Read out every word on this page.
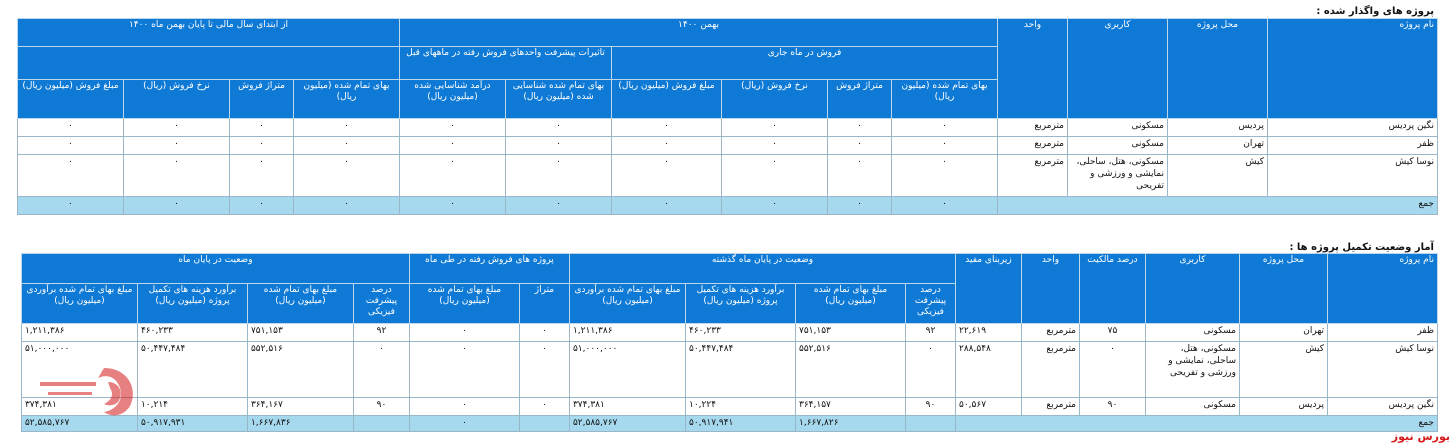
پروژه های واگذار شده :
نام پروژه	محل پروژه	کاربری	واحد	بهمن ۱۴۰۰						از ابتدای سال مالی تا پایان بهمن ماه ۱۴۰۰			
				فروش در ماه جاری				تاثیرات پیشرفت واحدهای فروش رفته در ماههای قبل					
				بهای تمام شده (میلیون ریال)	متراژ فروش	نرخ فروش (ریال)	مبلغ فروش (میلیون ریال)	بهای تمام شده شناسایی شده (میلیون ریال)	درآمد شناسایی شده (میلیون ریال)	بهای تمام شده (میلیون ریال)	متراژ فروش	نرخ فروش (ریال)	مبلغ فروش (میلیون ریال)
نگین پردیس	پردیس	مسکونی	مترمربع	۰	۰	۰	۰	۰	۰	۰	۰	۰	۰
ظفر	تهران	مسکونی	مترمربع	۰	۰	۰	۰	۰	۰	۰	۰	۰	۰
نوسا کیش	کیش	مسکونی، هتل، ساحلی، نمایشی و ورزشی و تفریحی	مترمربع	۰	۰	۰	۰	۰	۰	۰	۰	۰	۰
جمع				۰	۰	۰	۰	۰	۰	۰	۰	۰	۰
آمار وضعیت تکمیل پروژه ها :
نام پروژه	محل پروژه	کاربری	درصد مالکیت	واحد	زیربنای مفید	وضعیت در پایان ماه گذشته				پروژه های فروش رفته در طی ماه		وضعیت در پایان ماه			
						درصد پیشرفت فیزیکی	مبلغ بهای تمام شده (میلیون ریال)	برآورد هزینه های تکمیل پروژه (میلیون ریال)	مبلغ بهای تمام شده برآوردی (میلیون ریال)	متراژ	مبلغ بهای تمام شده (میلیون ریال)	درصد پیشرفت فیزیکی	مبلغ بهای تمام شده (میلیون ریال)	برآورد هزینه های تکمیل پروژه (میلیون ریال)	مبلغ بهای تمام شده برآوردی (میلیون ریال)
ظفر	تهران	مسکونی	۷۵	مترمربع	۲۲,۶۱۹	۹۲	۷۵۱,۱۵۳	۴۶۰,۲۳۳	۱,۲۱۱,۳۸۶	۰	۰	۹۲	۷۵۱,۱۵۳	۴۶۰,۲۳۳	۱,۲۱۱,۳۸۶
نوسا کیش	کیش	مسکونی، هتل، ساحلی، نمایشی و ورزشی و تفریحی	۰	مترمربع	۲۸۸,۵۴۸	۰	۵۵۲,۵۱۶	۵۰,۴۴۷,۴۸۴	۵۱,۰۰۰,۰۰۰	۰	۰	۰	۵۵۲,۵۱۶	۵۰,۴۴۷,۴۸۴	۵۱,۰۰۰,۰۰۰
نگین پردیس	پردیس	مسکونی	۹۰	مترمربع	۵۰,۵۶۷	۹۰	۳۶۴,۱۵۷	۱۰,۲۲۴	۳۷۴,۳۸۱	۰	۰	۹۰	۳۶۴,۱۶۷	۱۰,۲۱۴	۳۷۴,۳۸۱
جمع							۱,۶۶۷,۸۲۶	۵۰,۹۱۷,۹۴۱	۵۲,۵۸۵,۷۶۷		۰		۱,۶۶۷,۸۳۶	۵۰,۹۱۷,۹۳۱	۵۲,۵۸۵,۷۶۷
بورس نیوز
